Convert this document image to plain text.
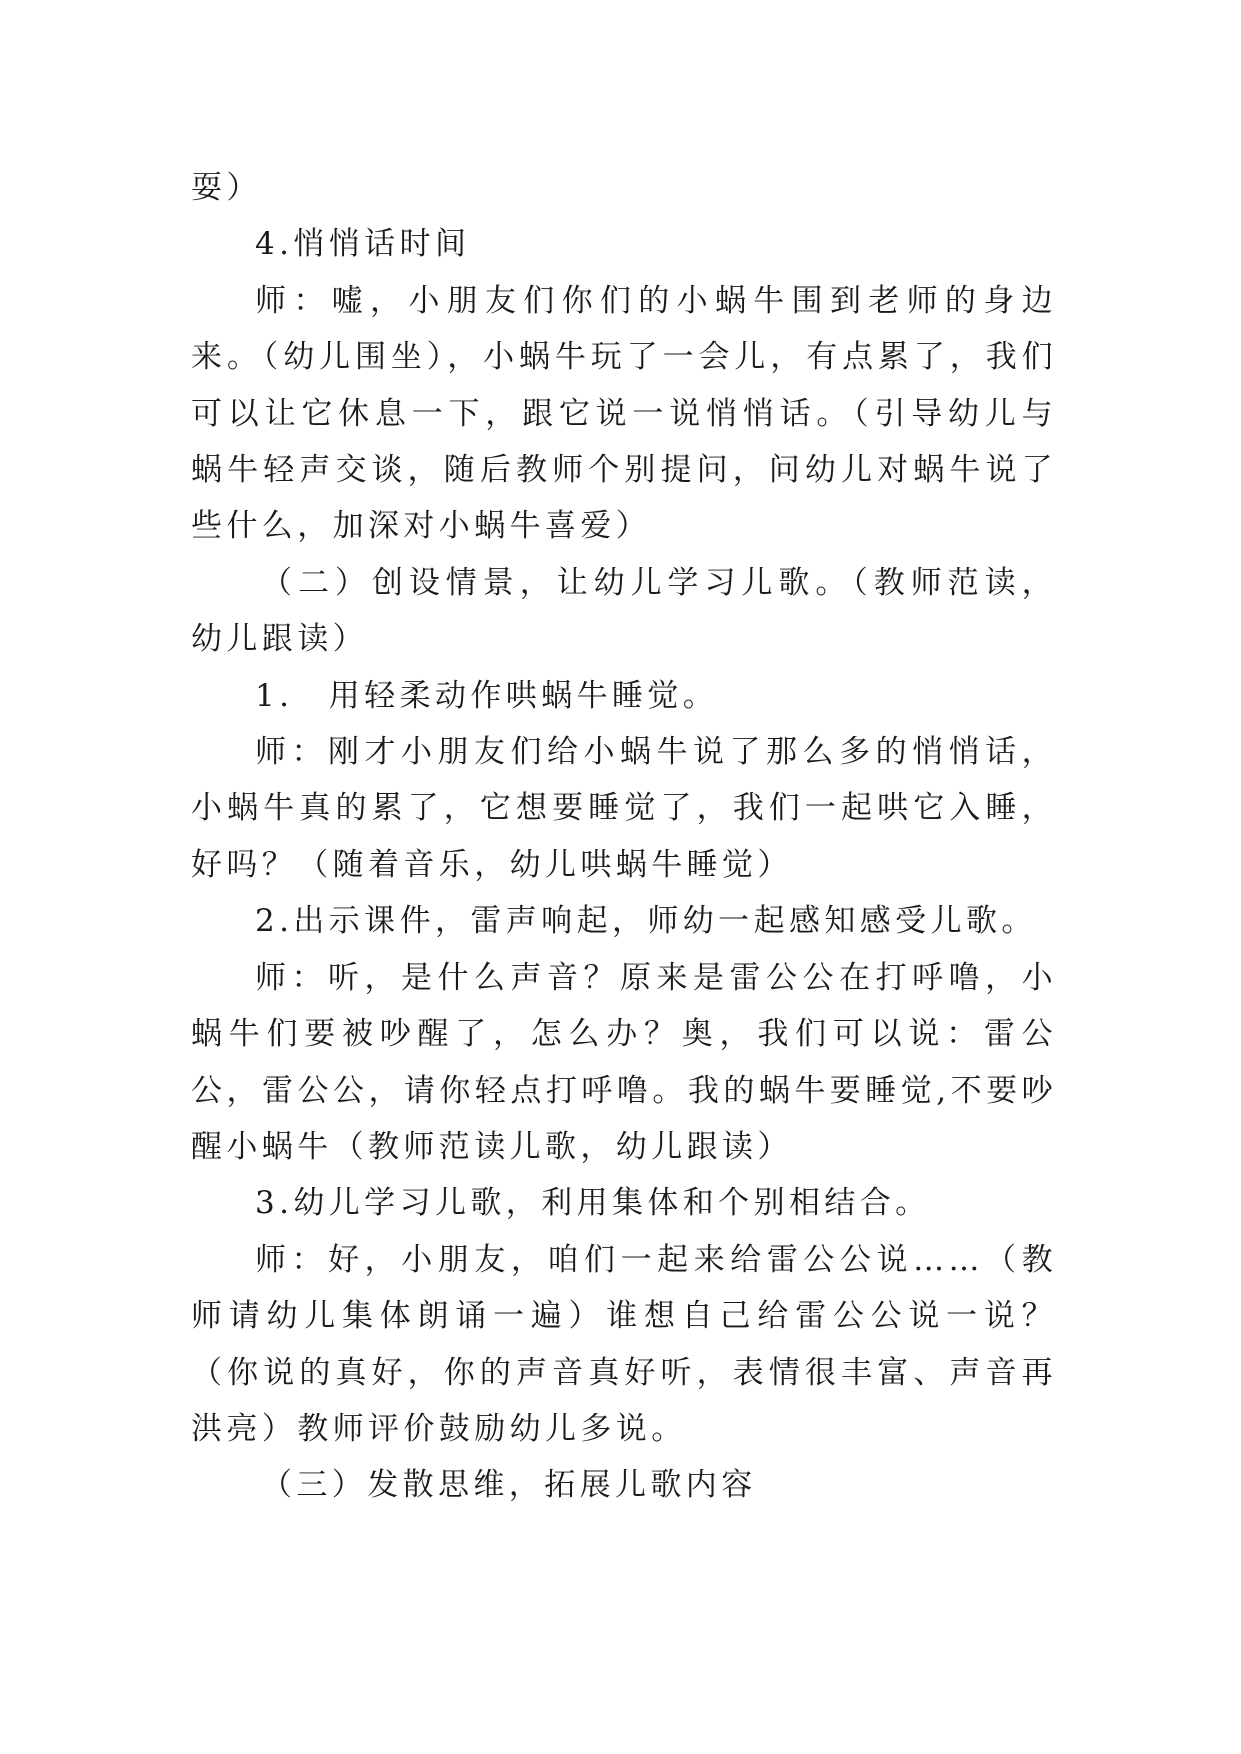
耍）

4.悄悄话时间

师：嘘，小朋友们你们的小蜗牛围到老师的身边来。（幼儿围坐），小蜗牛玩了一会儿，有点累了，我们可以让它休息一下，跟它说一说悄悄话。（引导幼儿与蜗牛轻声交谈，随后教师个别提问，问幼儿对蜗牛说了些什么，加深对小蜗牛喜爱）

（二）创设情景，让幼儿学习儿歌。（教师范读，幼儿跟读）

1.　用轻柔动作哄蜗牛睡觉。

师：刚才小朋友们给小蜗牛说了那么多的悄悄话，小蜗牛真的累了，它想要睡觉了，我们一起哄它入睡，好吗？（随着音乐，幼儿哄蜗牛睡觉）

2.出示课件，雷声响起，师幼一起感知感受儿歌。

师：听，是什么声音？原来是雷公公在打呼噜，小蜗牛们要被吵醒了，怎么办？奥，我们可以说：雷公公，雷公公，请你轻点打呼噜。我的蜗牛要睡觉,不要吵醒小蜗牛（教师范读儿歌，幼儿跟读）

3.幼儿学习儿歌，利用集体和个别相结合。

师：好，小朋友，咱们一起来给雷公公说……（教师请幼儿集体朗诵一遍）谁想自己给雷公公说一说？（你说的真好，你的声音真好听，表情很丰富、声音再洪亮）教师评价鼓励幼儿多说。

（三）发散思维，拓展儿歌内容
